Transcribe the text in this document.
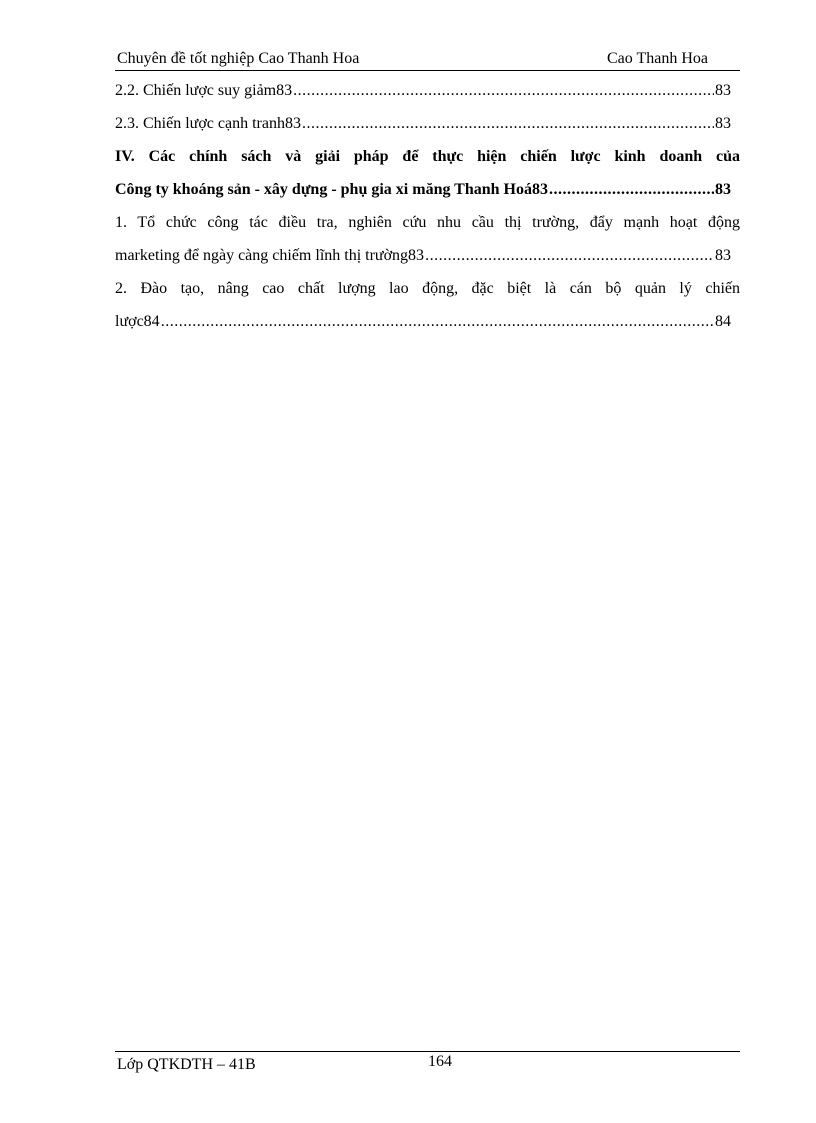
Chuyên đề tốt nghiệp Cao Thanh Hoa	Cao Thanh Hoa
2.2. Chiến lược suy giảm83 .....	83
2.3. Chiến lược cạnh tranh83 .....	83
IV. Các chính sách và giải pháp để thực hiện chiến lược kinh doanh của
Công ty khoáng sản - xây dựng - phụ gia xi măng Thanh Hoá83 .....	83
1. Tổ chức công tác điều tra, nghiên cứu nhu cầu thị trường, đẩy mạnh hoạt động
marketing để ngày càng chiếm lĩnh thị trường83 .....	83
2. Đào tạo, nâng cao chất lượng lao động, đặc biệt là cán bộ quản lý chiến
lược84 .....	84
Lớp QTKDTH – 41B	164
